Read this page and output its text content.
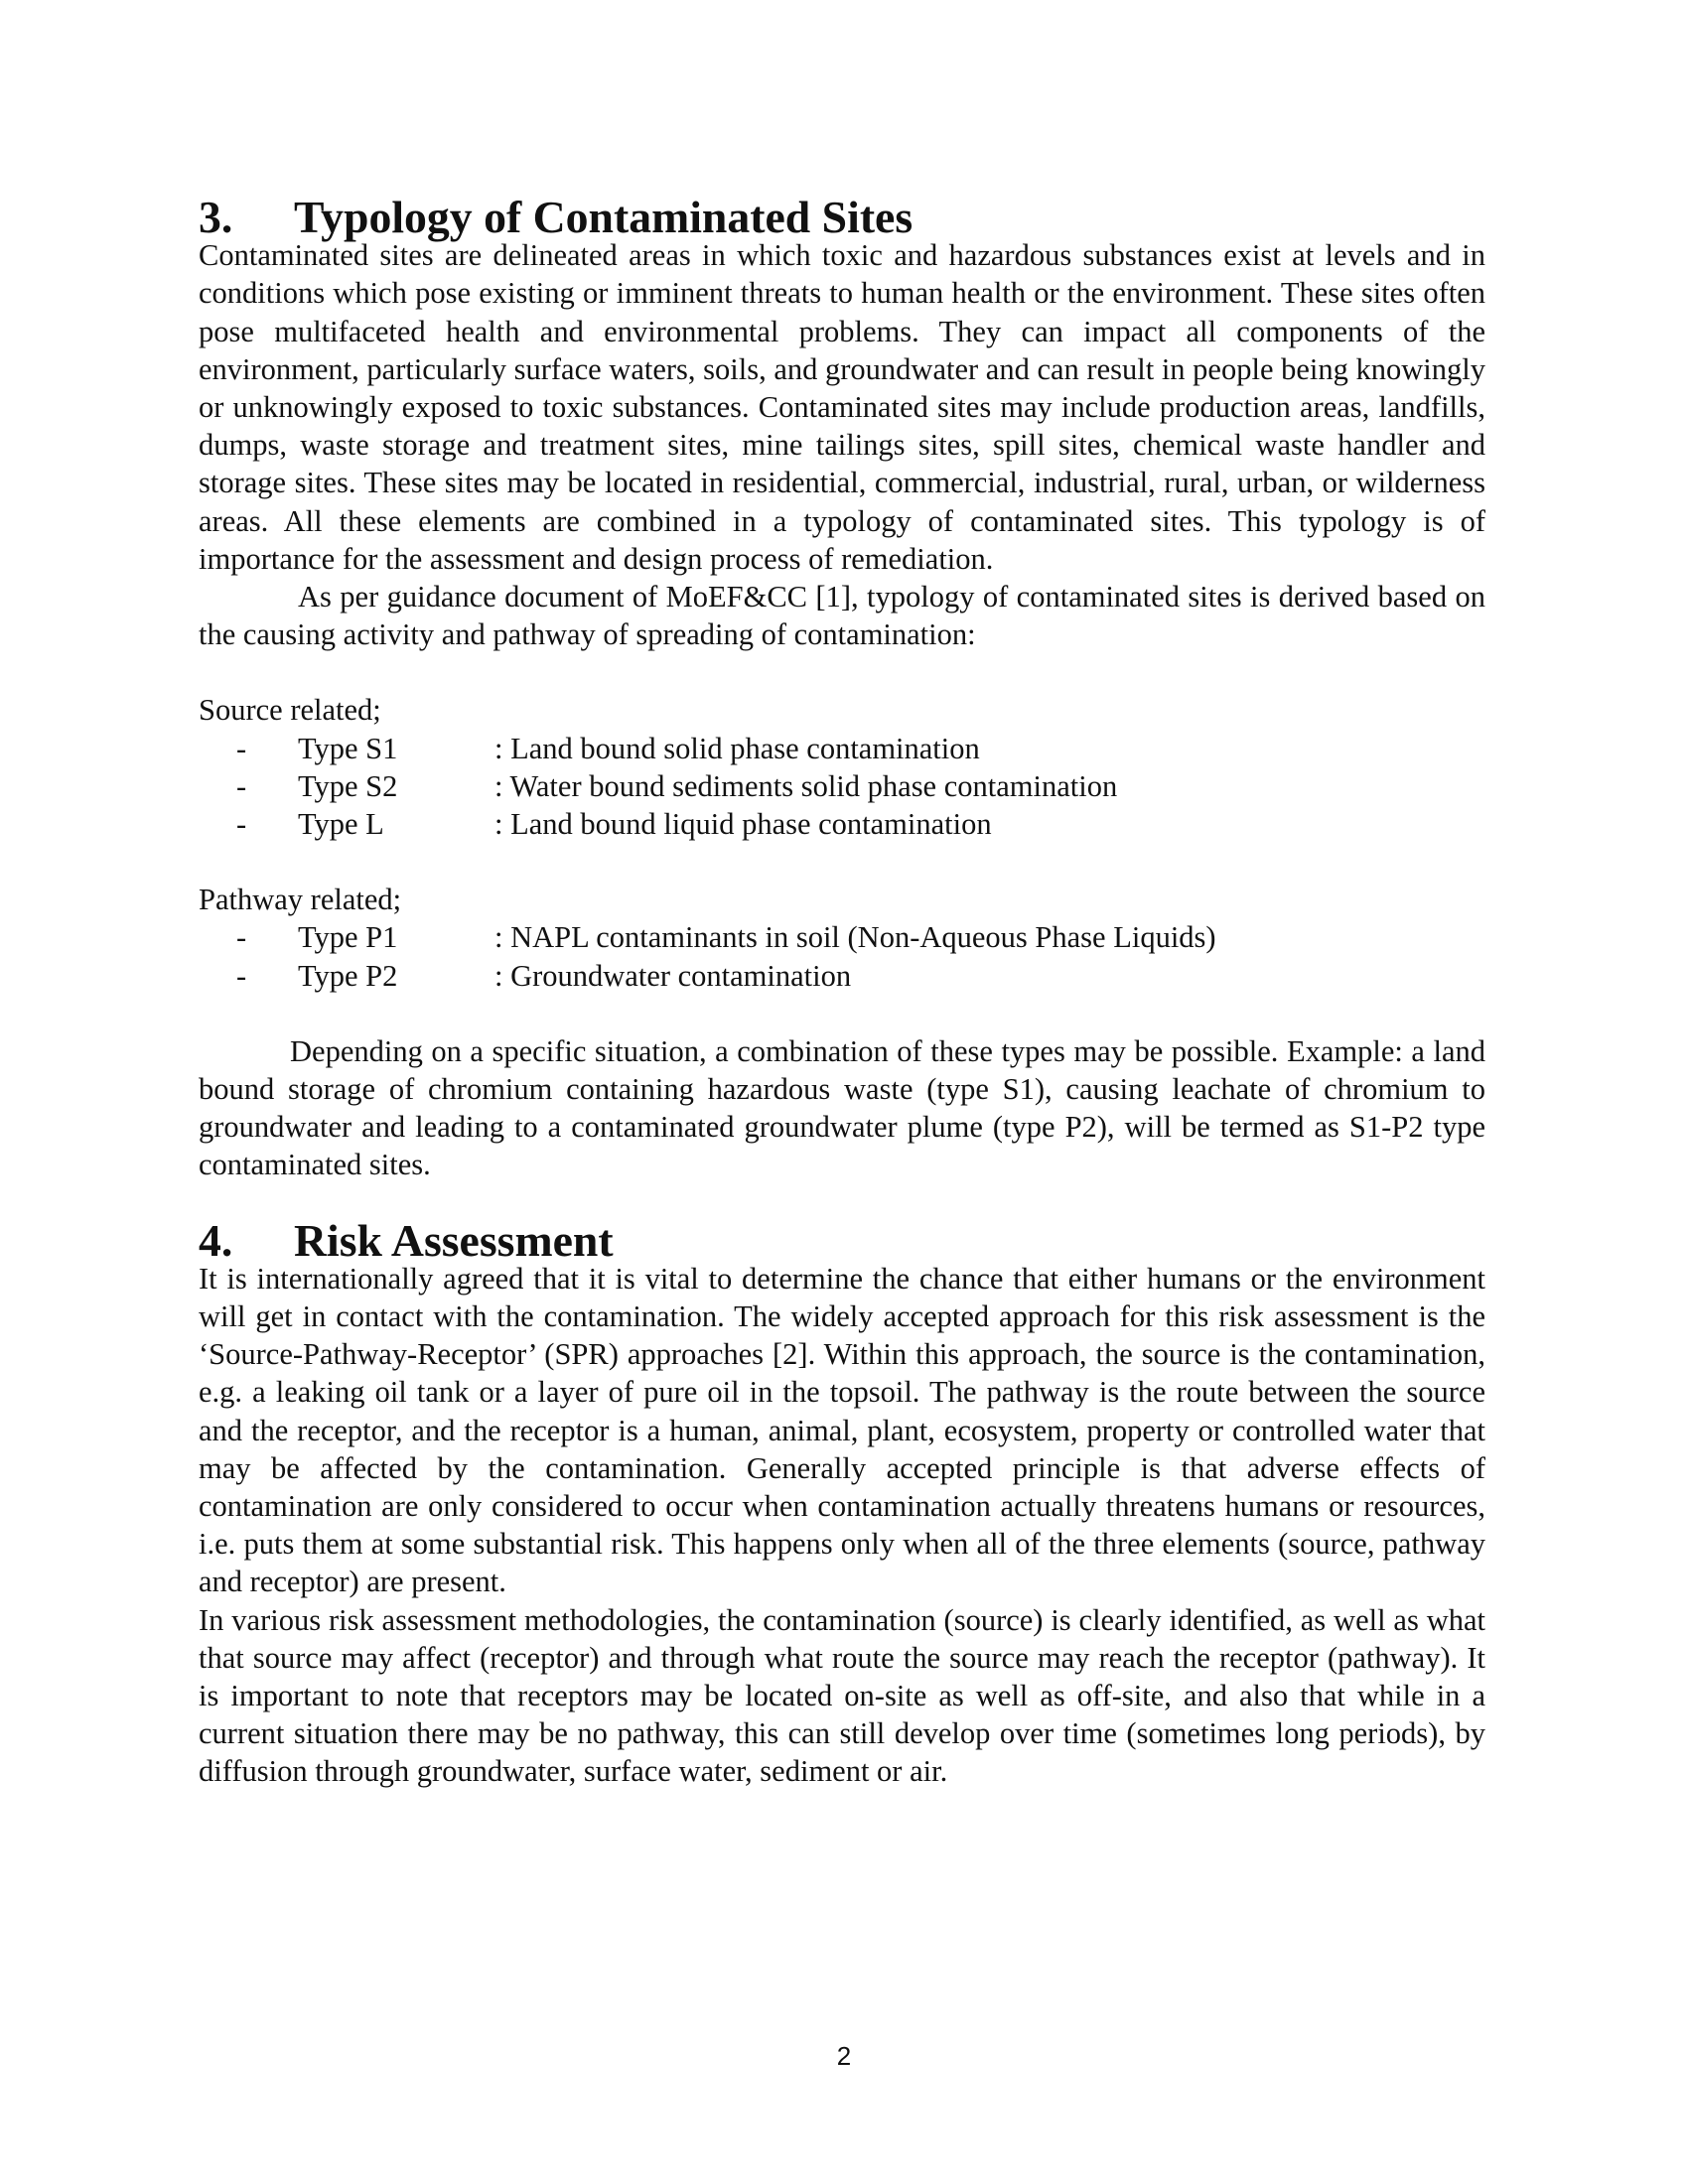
3.	Typology of Contaminated Sites

Contaminated sites are delineated areas in which toxic and hazardous substances exist at levels and in conditions which pose existing or imminent threats to human health or the environment. These sites often pose multifaceted health and environmental problems. They can impact all components of the environment, particularly surface waters, soils, and groundwater and can result in people being knowingly or unknowingly exposed to toxic substances. Contaminated sites may include production areas, landfills, dumps, waste storage and treatment sites, mine tailings sites, spill sites, chemical waste handler and storage sites. These sites may be located in residential, commercial, industrial, rural, urban, or wilderness areas. All these elements are combined in a typology of contaminated sites. This typology is of importance for the assessment and design process of remediation.

As per guidance document of MoEF&CC [1], typology of contaminated sites is derived based on the causing activity and pathway of spreading of contamination:

Source related;

-	Type S1	: Land bound solid phase contamination
-	Type S2	: Water bound sediments solid phase contamination
-	Type L	: Land bound liquid phase contamination

Pathway related;

-	Type P1	: NAPL contaminants in soil (Non-Aqueous Phase Liquids)
-	Type P2	: Groundwater contamination

Depending on a specific situation, a combination of these types may be possible. Example: a land bound storage of chromium containing hazardous waste (type S1), causing leachate of chromium to groundwater and leading to a contaminated groundwater plume (type P2), will be termed as S1-P2 type contaminated sites.

4.	Risk Assessment

It is internationally agreed that it is vital to determine the chance that either humans or the environment will get in contact with the contamination. The widely accepted approach for this risk assessment is the ‘Source-Pathway-Receptor’ (SPR) approaches [2]. Within this approach, the source is the contamination, e.g. a leaking oil tank or a layer of pure oil in the topsoil. The pathway is the route between the source and the receptor, and the receptor is a human, animal, plant, ecosystem, property or controlled water that may be affected by the contamination. Generally accepted principle is that adverse effects of contamination are only considered to occur when contamination actually threatens humans or resources, i.e. puts them at some substantial risk. This happens only when all of the three elements (source, pathway and receptor) are present.

In various risk assessment methodologies, the contamination (source) is clearly identified, as well as what that source may affect (receptor) and through what route the source may reach the receptor (pathway). It is important to note that receptors may be located on-site as well as off-site, and also that while in a current situation there may be no pathway, this can still develop over time (sometimes long periods), by diffusion through groundwater, surface water, sediment or air.

2
